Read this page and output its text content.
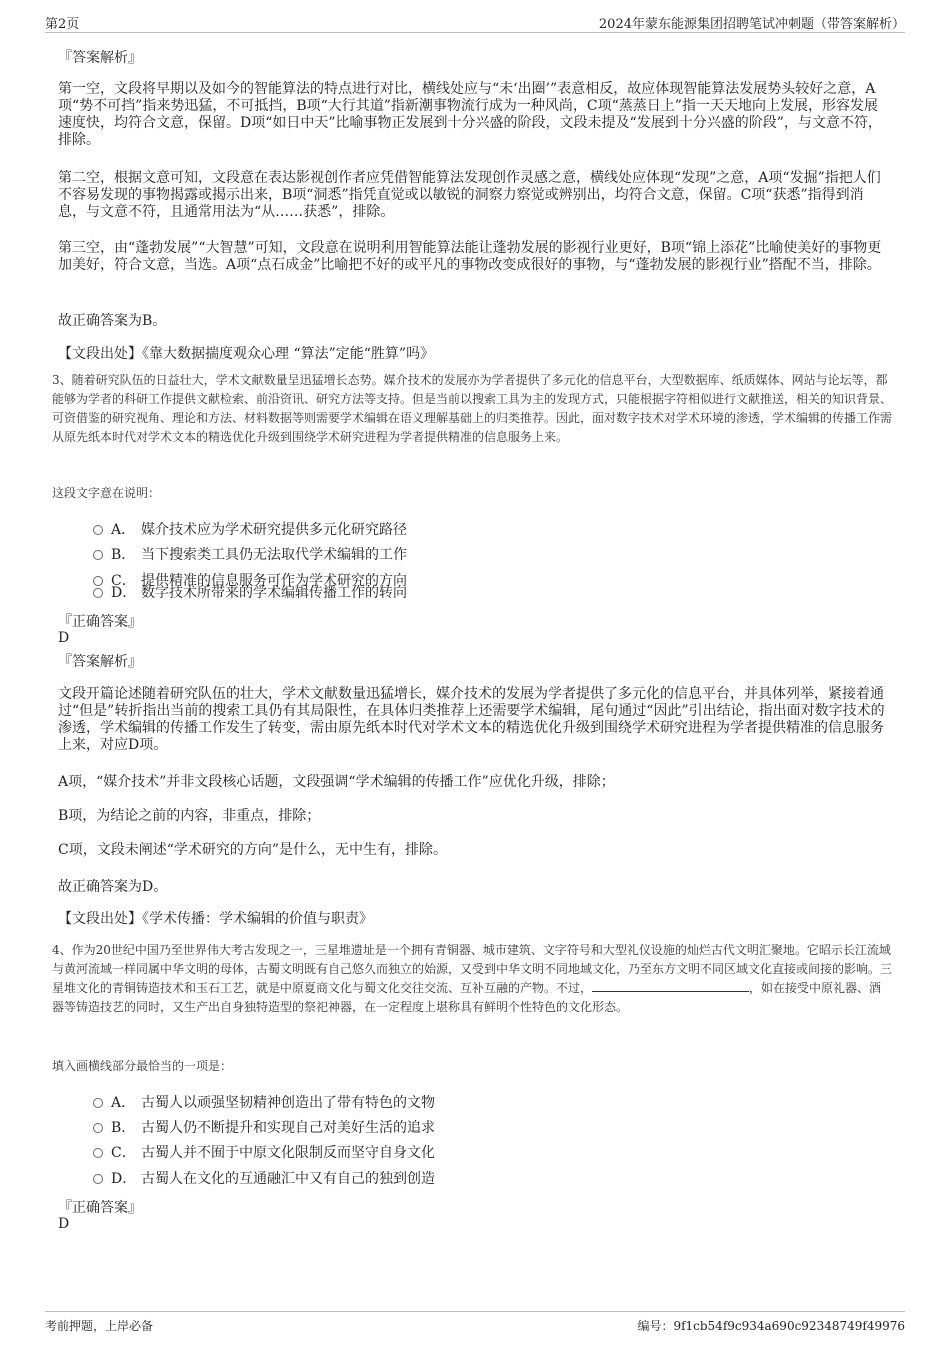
第2页	2024年蒙东能源集团招聘笔试冲刺题（带答案解析）

『答案解析』

第一空，文段将早期以及如今的智能算法的特点进行对比，横线处应与“未‘出圈’”表意相反，故应体现智能算法发展势头较好之意，A项“势不可挡”指来势迅猛，不可抵挡，B项“大行其道”指新潮事物流行成为一种风尚，C项“蒸蒸日上”指一天天地向上发展，形容发展速度快，均符合文意，保留。D项“如日中天”比喻事物正发展到十分兴盛的阶段，文段未提及“发展到十分兴盛的阶段”，与文意不符，排除。

第二空，根据文意可知，文段意在表达影视创作者应凭借智能算法发现创作灵感之意，横线处应体现“发现”之意，A项“发掘”指把人们不容易发现的事物揭露或揭示出来，B项“洞悉”指凭直觉或以敏锐的洞察力察觉或辨别出，均符合文意，保留。C项“获悉”指得到消息，与文意不符，且通常用法为“从……获悉”，排除。

第三空，由“蓬勃发展”“大智慧”可知，文段意在说明利用智能算法能让蓬勃发展的影视行业更好，B项“锦上添花”比喻使美好的事物更加美好，符合文意，当选。A项“点石成金”比喻把不好的或平凡的事物改变成很好的事物，与“蓬勃发展的影视行业”搭配不当，排除。

故正确答案为B。

【文段出处】《靠大数据揣度观众心理 “算法”定能“胜算”吗》

3、随着研究队伍的日益壮大，学术文献数量呈迅猛增长态势。媒介技术的发展亦为学者提供了多元化的信息平台，大型数据库、纸质媒体、网站与论坛等，都能够为学者的科研工作提供文献检索、前沿资讯、研究方法等支持。但是当前以搜索工具为主的发现方式，只能根据字符相似进行文献推送，相关的知识背景、可资借鉴的研究视角、理论和方法、材料数据等则需要学术编辑在语义理解基础上的归类推荐。因此，面对数字技术对学术环境的渗透，学术编辑的传播工作需从原先纸本时代对学术文本的精选优化升级到围绕学术研究进程为学者提供精准的信息服务上来。

这段文字意在说明：

A． 媒介技术应为学术研究提供多元化研究路径
B． 当下搜索类工具仍无法取代学术编辑的工作
C． 提供精准的信息服务可作为学术研究的方向
D． 数字技术所带来的学术编辑传播工作的转向

『正确答案』

D

『答案解析』

文段开篇论述随着研究队伍的壮大，学术文献数量迅猛增长，媒介技术的发展为学者提供了多元化的信息平台，并具体列举，紧接着通过“但是”转折指出当前的搜索工具仍有其局限性，在具体归类推荐上还需要学术编辑，尾句通过“因此”引出结论，指出面对数字技术的渗透，学术编辑的传播工作发生了转变，需由原先纸本时代对学术文本的精选优化升级到围绕学术研究进程为学者提供精准的信息服务上来，对应D项。

A项，“媒介技术”并非文段核心话题，文段强调“学术编辑的传播工作”应优化升级，排除；

B项，为结论之前的内容，非重点，排除；

C项，文段未阐述“学术研究的方向”是什么，无中生有，排除。

故正确答案为D。

【文段出处】《学术传播：学术编辑的价值与职责》

4、作为20世纪中国乃至世界伟大考古发现之一，三星堆遗址是一个拥有青铜器、城市建筑、文字符号和大型礼仪设施的灿烂古代文明汇聚地。它昭示长江流域与黄河流域一样同属中华文明的母体，古蜀文明既有自己悠久而独立的始源，又受到中华文明不同地域文化，乃至东方文明不同区域文化直接或间接的影响。三星堆文化的青铜铸造技术和玉石工艺，就是中原夏商文化与蜀文化交往交流、互补互融的产物。不过，	，如在接受中原礼器、酒器等铸造技艺的同时，又生产出自身独特造型的祭祀神器，在一定程度上堪称具有鲜明个性特色的文化形态。

填入画横线部分最恰当的一项是：

A． 古蜀人以顽强坚韧精神创造出了带有特色的文物
B． 古蜀人仍不断提升和实现自己对美好生活的追求
C． 古蜀人并不囿于中原文化限制反而坚守自身文化
D． 古蜀人在文化的互通融汇中又有自己的独到创造

『正确答案』

D

考前押题，上岸必备	编号：9f1cb54f9c934a690c92348749f49976
